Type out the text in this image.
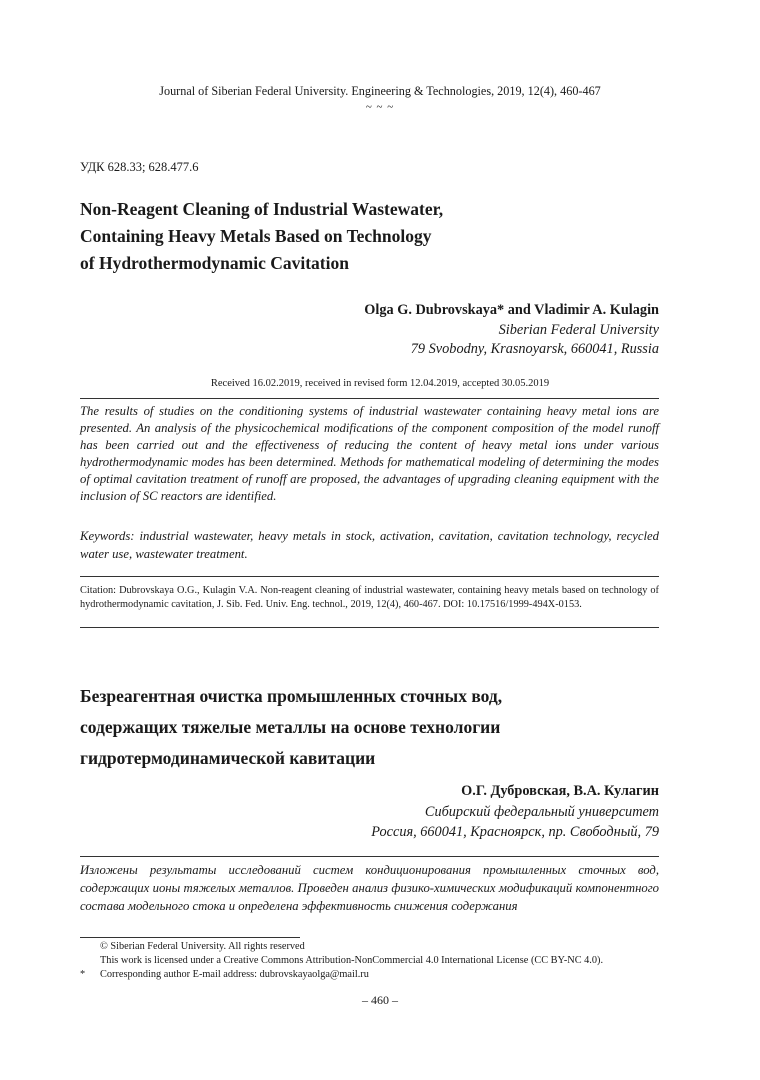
Journal of Siberian Federal University. Engineering & Technologies, 2019, 12(4), 460-467
~ ~ ~
УДК 628.33; 628.477.6

Non-Reagent Cleaning of Industrial Wastewater,

Containing Heavy Metals Based on Technology

of Hydrothermodynamic Cavitation

Olga G. Dubrovskaya* and Vladimir A. Kulagin
Siberian Federal University
79 Svobodny, Krasnoyarsk, 660041, Russia
Received 16.02.2019, received in revised form 12.04.2019, accepted 30.05.2019
The results of studies on the conditioning systems of industrial wastewater containing heavy metal ions are presented. An analysis of the physicochemical modifications of the component composition of the model runoff has been carried out and the effectiveness of reducing the content of heavy metal ions under various hydrothermodynamic modes has been determined. Methods for mathematical modeling of determining the modes of optimal cavitation treatment of runoff are proposed, the advantages of upgrading cleaning equipment with the inclusion of SC reactors are identified.
Keywords: industrial wastewater, heavy metals in stock, activation, cavitation, cavitation technology, recycled water use, wastewater treatment.
Citation: Dubrovskaya O.G., Kulagin V.A. Non-reagent cleaning of industrial wastewater, containing heavy metals based on technology of hydrothermodynamic cavitation, J. Sib. Fed. Univ. Eng. technol., 2019, 12(4), 460-467. DOI: 10.17516/1999-494X-0153.

Безреагентная очистка промышленных сточных вод,

содержащих тяжелые металлы на основе технологии

гидротермодинамической кавитации

О.Г. Дубровская, В.А. Кулагин
Сибирский федеральный университет
Россия, 660041, Красноярск, пр. Свободный, 79
Изложены результаты исследований систем кондиционирования промышленных сточных вод, содержащих ионы тяжелых металлов. Проведен анализ физико-химических модификаций компонентного состава модельного стока и определена эффективность снижения содержания
© Siberian Federal University. All rights reserved
This work is licensed under a Creative Commons Attribution-NonCommercial 4.0 International License (CC BY-NC 4.0).
* Corresponding author E-mail address: dubrovskayaolga@mail.ru
– 460 –
